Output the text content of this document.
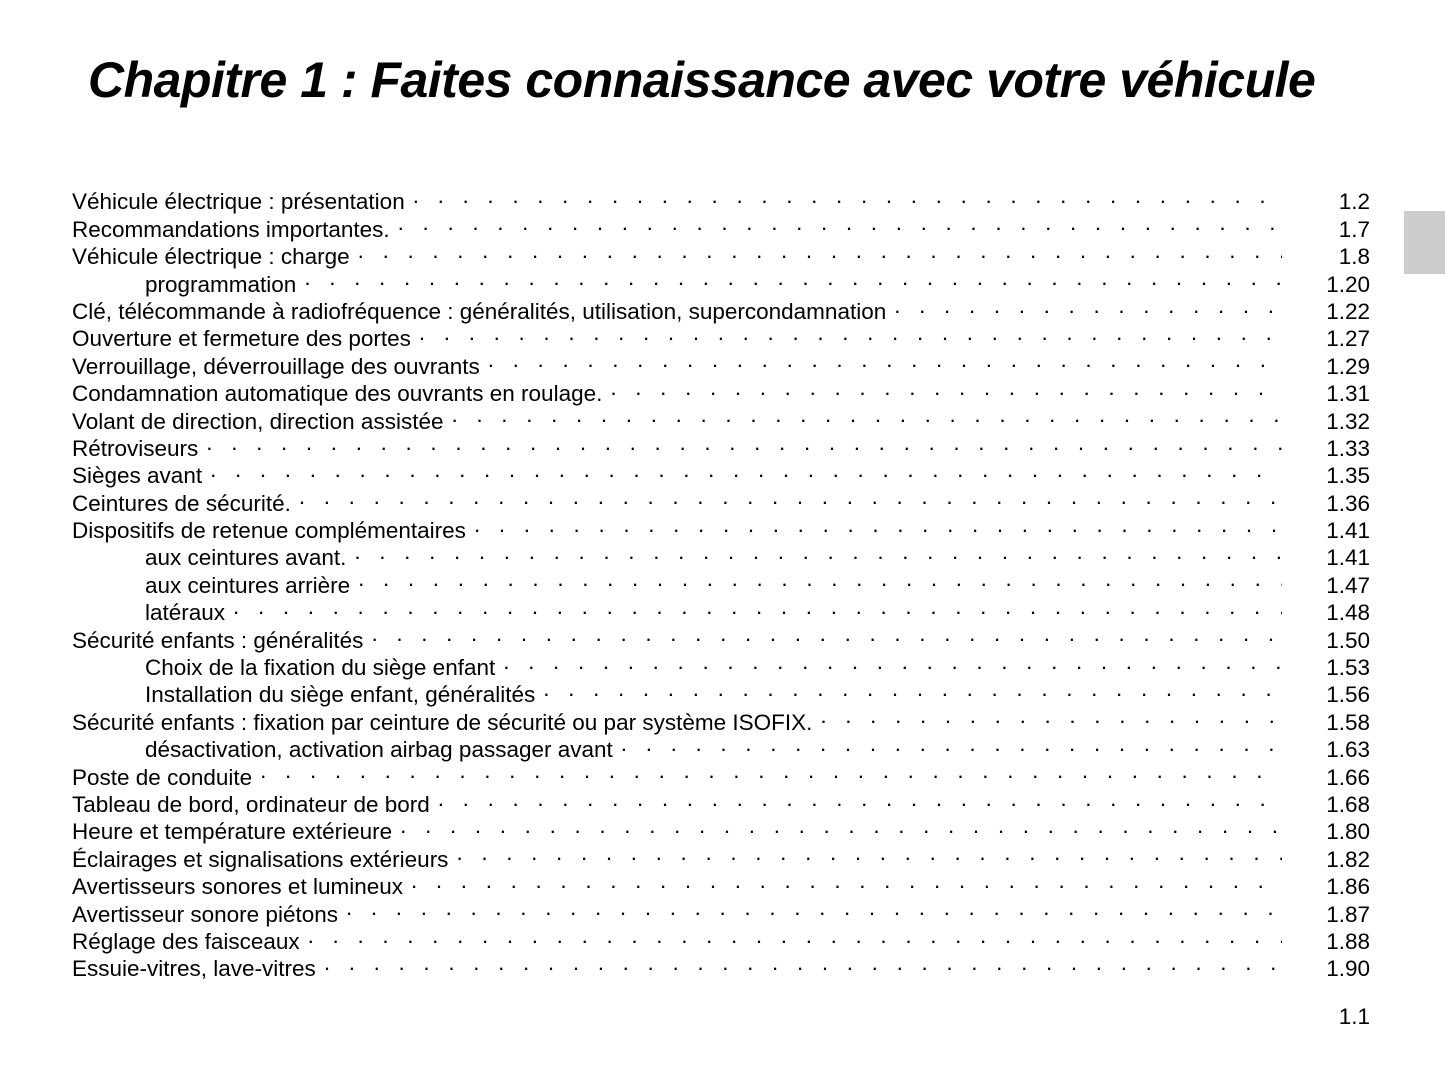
Chapitre 1 : Faites connaissance avec votre véhicule
Véhicule électrique : présentation . . .	1.2
Recommandations importantes. . . .	1.7
Véhicule électrique : charge . . .	1.8
programmation . . .	1.20
Clé, télécommande à radiofréquence : généralités, utilisation, supercondamnation . . .	1.22
Ouverture et fermeture des portes . . .	1.27
Verrouillage, déverrouillage des ouvrants . . .	1.29
Condamnation automatique des ouvrants en roulage. . . .	1.31
Volant de direction, direction assistée . . .	1.32
Rétroviseurs . . .	1.33
Sièges avant . . .	1.35
Ceintures de sécurité. . . .	1.36
Dispositifs de retenue complémentaires . . .	1.41
aux ceintures avant. . . .	1.41
aux ceintures arrière . . .	1.47
latéraux . . .	1.48
Sécurité enfants : généralités . . .	1.50
Choix de la fixation du siège enfant . . .	1.53
Installation du siège enfant, généralités . . .	1.56
Sécurité enfants : fixation par ceinture de sécurité ou par système ISOFIX. . . .	1.58
désactivation, activation airbag passager avant . . .	1.63
Poste de conduite . . .	1.66
Tableau de bord, ordinateur de bord . . .	1.68
Heure et température extérieure . . .	1.80
Éclairages et signalisations extérieurs . . .	1.82
Avertisseurs sonores et lumineux . . .	1.86
Avertisseur sonore piétons . . .	1.87
Réglage des faisceaux . . .	1.88
Essuie-vitres, lave-vitres . . .	1.90
1.1
